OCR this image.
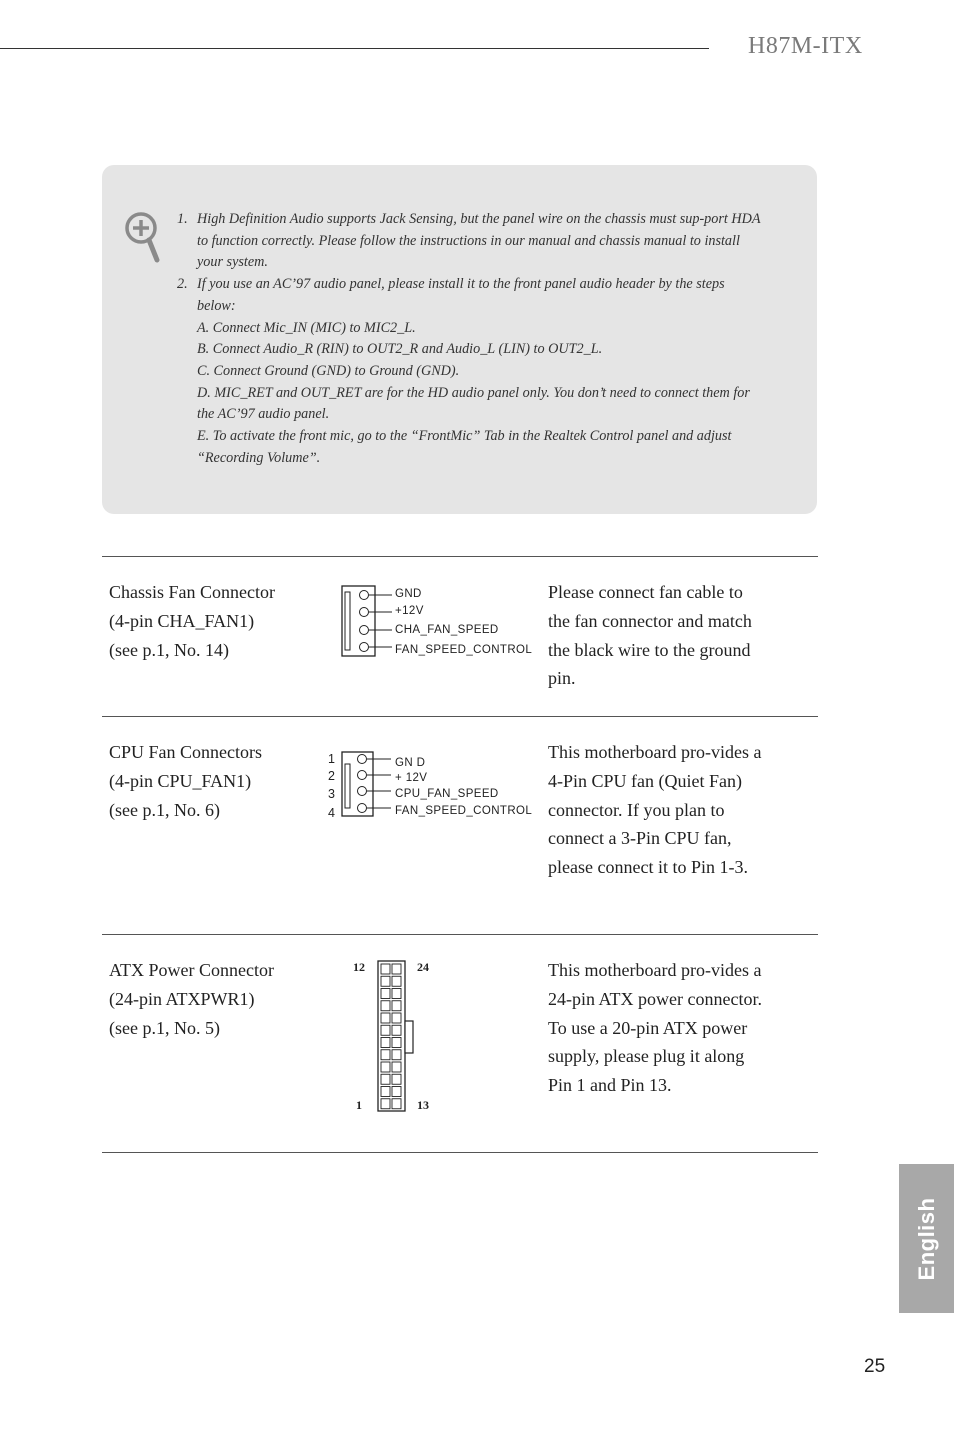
H87M-ITX
1. High Definition Audio supports Jack Sensing, but the panel wire on the chassis must sup-port HDA to function correctly. Please follow the instructions in our manual and chassis manual to install your system.
2. If you use an AC’97 audio panel, please install it to the front panel audio header by the steps below:
A. Connect Mic_IN (MIC) to MIC2_L.
B. Connect Audio_R (RIN) to OUT2_R and Audio_L (LIN) to OUT2_L.
C. Connect Ground (GND) to Ground (GND).
D. MIC_RET and OUT_RET are for the HD audio panel only. You don’t need to connect them for the AC’97 audio panel.
E. To activate the front mic, go to the “FrontMic” Tab in the Realtek Control panel and adjust “Recording Volume”.
Chassis Fan Connector
(4-pin CHA_FAN1)
(see p.1, No. 14)
GND
+12V
CHA_FAN_SPEED
FAN_SPEED_CONTROL
Please connect fan cable to the fan connector and match the black wire to the ground pin.
CPU Fan Connectors
(4-pin CPU_FAN1)
(see p.1, No. 6)
1
2
3
4
GN D
+ 12V
CPU_FAN_SPEED
FAN_SPEED_CONTROL
This motherboard pro-vides a 4-Pin CPU fan (Quiet Fan) connector. If you plan to connect a 3-Pin CPU fan, please connect it to Pin 1-3.
ATX Power Connector
(24-pin ATXPWR1)
(see p.1, No. 5)
12	24
1	13
This motherboard pro-vides a 24-pin ATX power connector. To use a 20-pin ATX power supply, please plug it along Pin 1 and Pin 13.
English
25
